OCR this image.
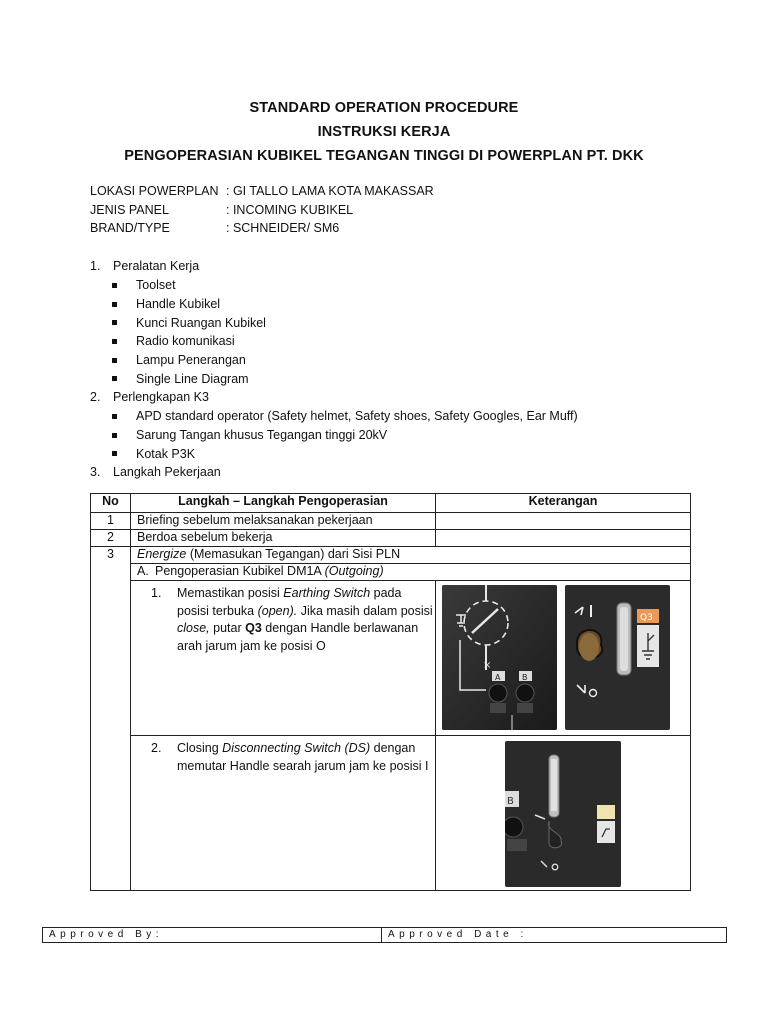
STANDARD OPERATION PROCEDURE
INSTRUKSI KERJA
PENGOPERASIAN KUBIKEL TEGANGAN TINGGI DI POWERPLAN PT. DKK
LOKASI POWERPLAN : GI TALLO LAMA KOTA MAKASSAR
JENIS PANEL	: INCOMING KUBIKEL
BRAND/TYPE	: SCHNEIDER/ SM6
1. Peralatan Kerja
Toolset
Handle Kubikel
Kunci Ruangan Kubikel
Radio komunikasi
Lampu Penerangan
Single Line Diagram
2. Perlengkapan K3
APD standard operator (Safety helmet, Safety shoes, Safety Googles, Ear Muff)
Sarung Tangan khusus Tegangan tinggi 20kV
Kotak P3K
3. Langkah Pekerjaan
No	Langkah – Langkah Pengoperasian	Keterangan
1	Briefing sebelum melaksanakan pekerjaan	
2	Berdoa sebelum bekerja	
3	Energize (Memasukan Tegangan) dari Sisi PLN	
	A. Pengoperasian Kubikel DM1A (Outgoing)	

	1. Memastikan posisi Earthing Switch pada posisi terbuka (open). Jika masih dalam posisi close, putar Q3 dengan Handle berlawanan arah jarum jam ke posisi O	×
A B

Q3

	2. Closing Disconnecting Switch (DS) dengan memutar Handle searah jarum jam ke posisi I	B
Approved By:	Approved Date :
